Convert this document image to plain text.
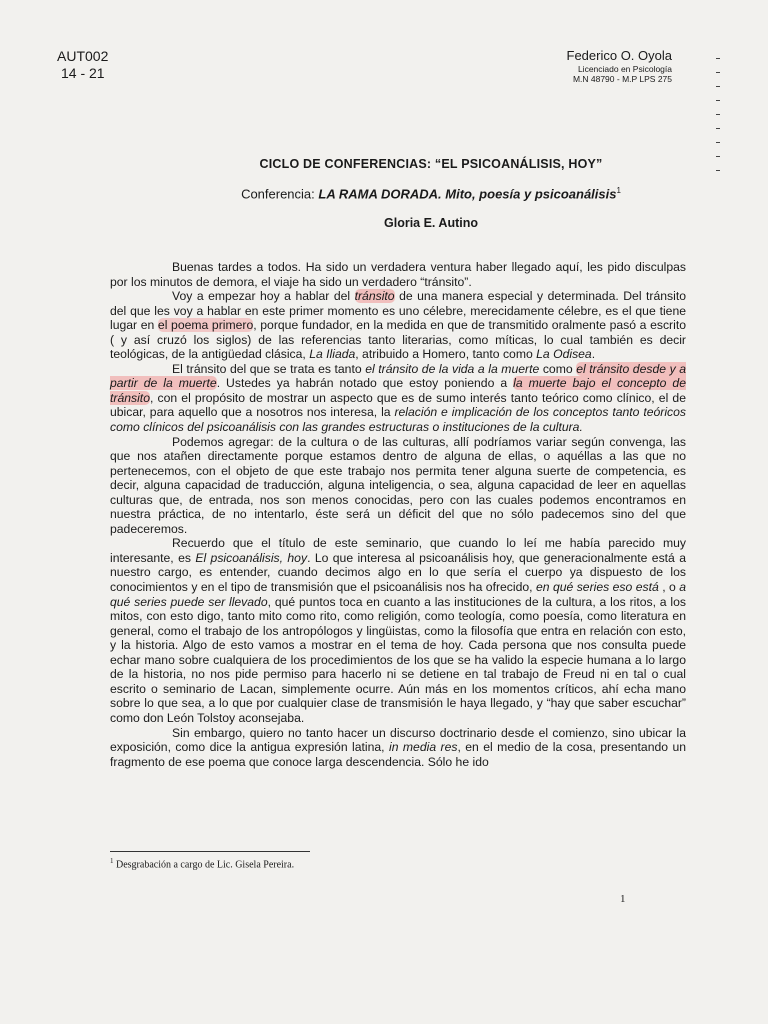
AUT002
14 - 21
Federico O. Oyola
Licenciado en Psicología
M.N 48790 - M.P LPS 275
CICLO DE CONFERENCIAS: “EL PSICOANÁLISIS, HOY”
Conferencia: LA RAMA DORADA. Mito, poesía y psicoanálisis$^1$
Gloria E. Autino

Buenas tardes a todos. Ha sido un verdadera ventura haber llegado aquí, les pido disculpas por los minutos de demora, el viaje ha sido un verdadero “tránsito”.

Voy a empezar hoy a hablar del tránsito de una manera especial y determinada. Del tránsito del que les voy a hablar en este primer momento es uno célebre, merecidamente célebre, es el que tiene lugar en el poema primero, porque fundador, en la medida en que de transmitido oralmente pasó a escrito ( y así cruzó los siglos) de las referencias tanto literarias, como míticas, lo cual también es decir teológicas, de la antigüedad clásica, La Iliada, atribuido a Homero, tanto como La Odisea.

El tránsito del que se trata es tanto el tránsito de la vida a la muerte como el tránsito desde y a partir de la muerte. Ustedes ya habrán notado que estoy poniendo a la muerte bajo el concepto de tránsito, con el propósito de mostrar un aspecto que es de sumo interés tanto teórico como clínico, el de ubicar, para aquello que a nosotros nos interesa, la relación e implicación de los conceptos tanto teóricos como clínicos del psicoanálisis con las grandes estructuras o instituciones de la cultura.

Podemos agregar: de la cultura o de las culturas, allí podríamos variar según convenga, las que nos atañen directamente porque estamos dentro de alguna de ellas, o aquéllas a las que no pertenecemos, con el objeto de que este trabajo nos permita tener alguna suerte de competencia, es decir, alguna capacidad de traducción, alguna inteligencia, o sea, alguna capacidad de leer en aquellas culturas que, de entrada, nos son menos conocidas, pero con las cuales podemos encontramos en nuestra práctica, de no intentarlo, éste será un déficit del que no sólo padecemos sino del que padeceremos.

Recuerdo que el título de este seminario, que cuando lo leí me había parecido muy interesante, es El psicoanálisis, hoy. Lo que interesa al psicoanálisis hoy, que generacionalmente está a nuestro cargo, es entender, cuando decimos algo en lo que sería el cuerpo ya dispuesto de los conocimientos y en el tipo de transmisión que el psicoanálisis nos ha ofrecido, en qué series eso está , o a qué series puede ser llevado, qué puntos toca en cuanto a las instituciones de la cultura, a los ritos, a los mitos, con esto digo, tanto mito como rito, como religión, como teología, como poesía, como literatura en general, como el trabajo de los antropólogos y lingüistas, como la filosofía que entra en relación con esto, y la historia. Algo de esto vamos a mostrar en el tema de hoy. Cada persona que nos consulta puede echar mano sobre cualquiera de los procedimientos de los que se ha valido la especie humana a lo largo de la historia, no nos pide permiso para hacerlo ni se detiene en tal trabajo de Freud ni en tal o cual escrito o seminario de Lacan, simplemente ocurre. Aún más en los momentos críticos, ahí echa mano sobre lo que sea, a lo que por cualquier clase de transmisión le haya llegado, y “hay que saber escuchar” como don León Tolstoy aconsejaba.

Sin embargo, quiero no tanto hacer un discurso doctrinario desde el comienzo, sino ubicar la exposición, como dice la antigua expresión latina, in media res, en el medio de la cosa, presentando un fragmento de ese poema que conoce larga descendencia. Sólo he ido

$^1$ Desgrabación a cargo de Lic. Gisela Pereira.
1
